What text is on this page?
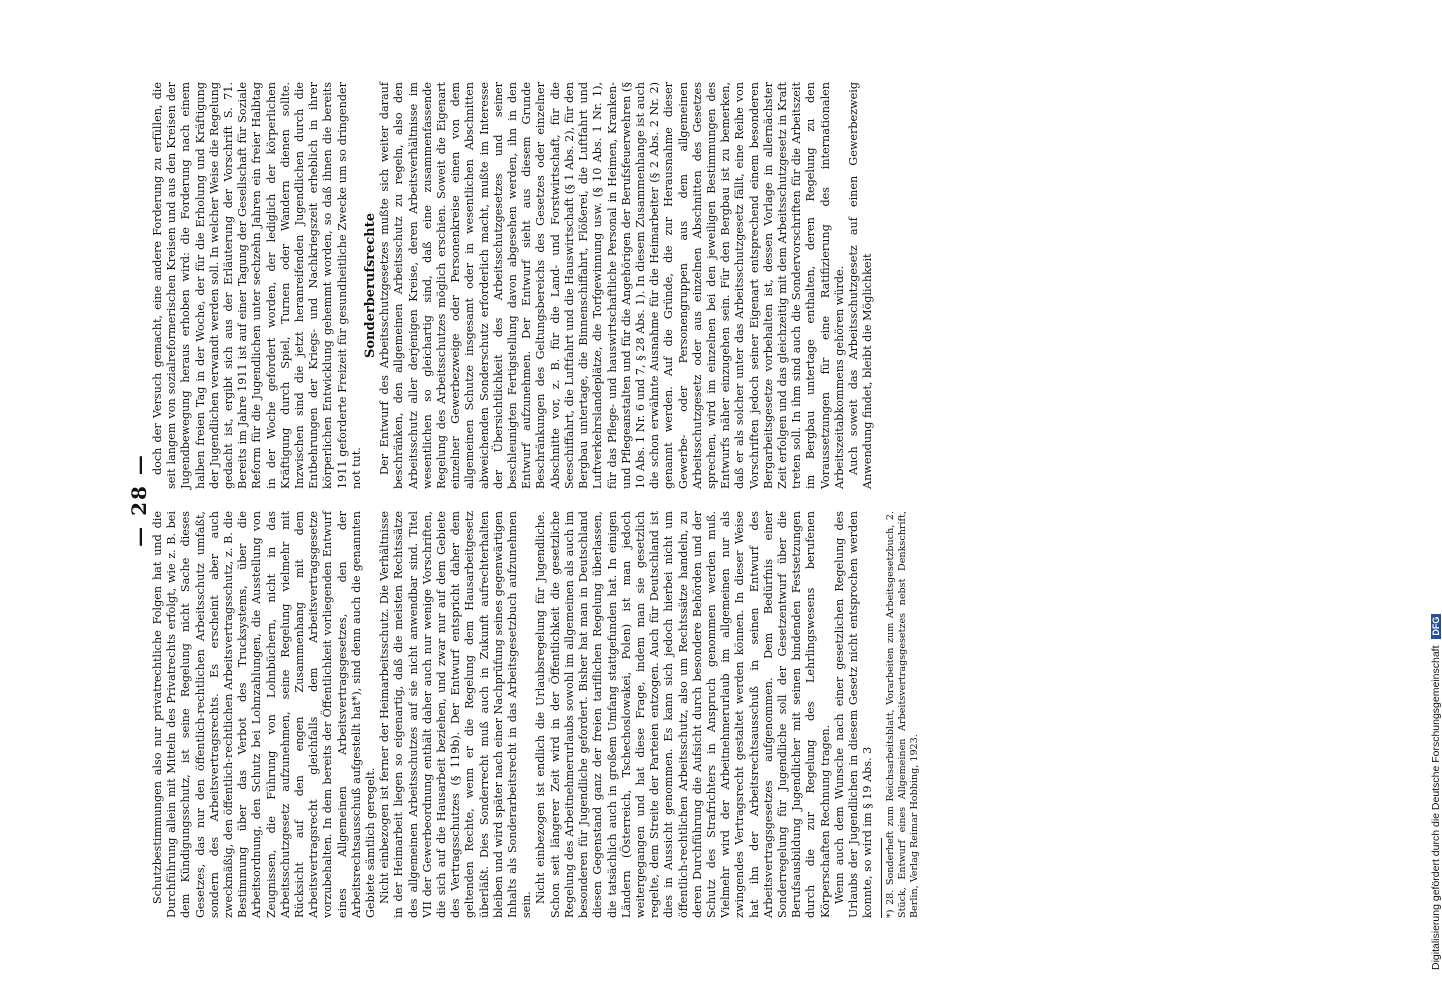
— 28 —

Schutzbestimmungen also nur privatrechtliche Folgen hat und die Durchführung allein mit Mitteln des Privatrechts erfolgt, wie z. B. bei dem Kündigungsschutz, ist seine Regelung nicht Sache dieses Gesetzes, das nur den öffentlich-rechtlichen Arbeitsschutz umfaßt, sondern des Arbeitsvertragsrechts. Es erscheint aber auch zweckmäßig, den öffentlich-rechtlichen Arbeitsvertragsschutz, z. B. die Bestimmung über das Verbot des Trucksystems, über die Arbeitsordnung, den Schutz bei Lohnzahlungen, die Ausstellung von Zeugnissen, die Führung von Lohnbüchern, nicht in das Arbeitsschutzgesetz aufzunehmen, seine Regelung vielmehr mit Rücksicht auf den engen Zusammenhang mit dem Arbeitsvertragsrecht gleichfalls dem Arbeitsvertragsgesetze vorzubehalten. In dem bereits der Öffentlichkeit vorliegenden Entwurf eines Allgemeinen Arbeitsvertragsgesetzes, den der Arbeitsrechtsausschuß aufgestellt hat*), sind denn auch die genannten Gebiete sämtlich geregelt. Nicht einbezogen ist ferner der Heimarbeitsschutz. Die Verhältnisse in der Heimarbeit liegen so eigenartig, daß die meisten Rechtssätze des allgemeinen Arbeitsschutzes auf sie nicht anwendbar sind. Titel VII der Gewerbeordnung enthält daher auch nur wenige Vorschriften, die sich auf die Hausarbeit beziehen, und zwar nur auf dem Gebiete des Vertragsschutzes (§ 119b). Der Entwurf entspricht daher dem geltenden Rechte, wenn er die Regelung dem Hausarbeitgesetz überläßt. Dies Sonderrecht muß auch in Zukunft aufrechterhalten bleiben und wird später nach einer Nachprüfung seines gegenwärtigen Inhalts als Sonderarbeitsrecht in das Arbeitsgesetzbuch aufzunehmen sein.

Nicht einbezogen ist endlich die Urlaubsregelung für Jugendliche. Schon seit längerer Zeit wird in der Öffentlichkeit die gesetzliche Regelung des Arbeitnehmerurlaubs sowohl im allgemeinen als auch im besonderen für Jugendliche gefordert. Bisher hat man in Deutschland diesen Gegenstand ganz der freien tariflichen Regelung überlassen, die tatsächlich auch in großem Umfang stattgefunden hat. In einigen Ländern (Österreich, Tschechoslowakei, Polen) ist man jedoch weitergegangen und hat diese Frage, indem man sie gesetzlich regelte, dem Streite der Parteien entzogen. Auch für Deutschland ist dies in Aussicht genommen. Es kann sich jedoch hierbei nicht um öffentlich-rechtlichen Arbeitsschutz, also um Rechtssätze handeln, zu deren Durchführung die Aufsicht durch besondere Behörden und der Schutz des Strafrichters in Anspruch genommen werden muß. Vielmehr wird der Arbeitnehmerurlaub im allgemeinen nur als zwingendes Vertragsrecht gestaltet werden können. In dieser Weise hat ihn der Arbeitsrechtsausschuß in seinen Entwurf des Arbeitsvertragsgesetzes aufgenommen. Dem Bedürfnis einer Sonderregelung für Jugendliche soll der Gesetzentwurf über die Berufsausbildung Jugendlicher mit seinen bindenden Festsetzungen durch die zur Regelung des Lehrlingswesens berufenen Körperschaften Rechnung tragen. Wenn auch dem Wunsche nach einer gesetzlichen Regelung des Urlaubs der Jugendlichen in diesem Gesetz nicht entsprochen werden konnte, so wird im § 19 Abs. 3 *) 28. Sonderheft zum Reichsarbeitsblatt, Vorarbeiten zum Arbeitsgesetzbuch, 2. Stück, Entwurf eines Allgemeinen Arbeitsvertragsgesetzes nebst Denkschrift, Berlin, Verlag Reimar Hobbing, 1923.

doch der Versuch gemacht, eine andere Forderung zu erfüllen, die seit langem von sozialreformerischen Kreisen und aus den Kreisen der Jugendbewegung heraus erhoben wird: die Forderung nach einem halben freien Tag in der Woche, der für die Erholung und Kräftigung der Jugendlichen verwandt werden soll. In welcher Weise die Regelung gedacht ist, ergibt sich aus der Erläuterung der Vorschrift S. 71. Bereits im Jahre 1911 ist auf einer Tagung der Gesellschaft für Soziale Reform für die Jugendlichen unter sechzehn Jahren ein freier Halbtag in der Woche gefordert worden, der lediglich der körperlichen Kräftigung durch Spiel, Turnen oder Wandern dienen sollte. Inzwischen sind die jetzt heranreifenden Jugendlichen durch die Entbehrungen der Kriegs- und Nachkriegszeit erheblich in ihrer körperlichen Entwicklung gehemmt worden, so daß ihnen die bereits 1911 geforderte Freizeit für gesundheitliche Zwecke um so dringender not tut.

Sonderberufsrechte Der Entwurf des Arbeitsschutzgesetzes mußte sich weiter darauf beschränken, den allgemeinen Arbeitsschutz zu regeln, also den Arbeitsschutz aller derjenigen Kreise, deren Arbeitsverhältnisse im wesentlichen so gleichartig sind, daß eine zusammenfassende Regelung des Arbeitsschutzes möglich erschien. Soweit die Eigenart einzelner Gewerbezweige oder Personenkreise einen von dem allgemeinen Schutze insgesamt oder in wesentlichen Abschnitten abweichenden Sonderschutz erforderlich macht, mußte im Interesse der Übersichtlichkeit des Arbeitsschutzgesetzes und seiner beschleunigten Fertigstellung davon abgesehen werden, ihn in den Entwurf aufzunehmen. Der Entwurf sieht aus diesem Grunde Beschränkungen des Geltungsbereichs des Gesetzes oder einzelner Abschnitte vor, z. B. für die Land- und Forstwirtschaft, für die Seeschiffahrt, die Luftfahrt und die Hauswirtschaft (§ 1 Abs. 2), für den Bergbau untertage, die Binnenschiffahrt, Flößerei, die Luftfahrt und Luftverkehrslandeplätze, die Torfgewinnung usw. (§ 10 Abs. 1 Nr. 1), für das Pflege- und hauswirtschaftliche Personal in Heimen, Kranken- und Pflegeanstalten und für die Angehörigen der Berufsfeuerwehren (§ 10 Abs. 1 Nr. 6 und 7, § 28 Abs. 1). In diesem Zusammenhange ist auch die schon erwähnte Ausnahme für die Heimarbeiter (§ 2 Abs. 2 Nr. 2) genannt werden. Auf die Gründe, die zur Herausnahme dieser Gewerbe- oder Personengruppen aus dem allgemeinen Arbeitsschutzgesetz oder aus einzelnen Abschnitten des Gesetzes sprechen, wird im einzelnen bei den jeweiligen Bestimmungen des Entwurfs näher einzugehen sein. Für den Bergbau ist zu bemerken, daß er als solcher unter das Arbeitsschutzgesetz fällt, eine Reihe von Vorschriften jedoch seiner Eigenart entsprechend einem besonderen Bergarbeitsgesetze vorbehalten ist, dessen Vorlage in allernächster Zeit erfolgen und das gleichzeitig mit dem Arbeitsschutzgesetz in Kraft treten soll. In ihm sind auch die Sondervorschriften für die Arbeitszeit im Bergbau untertage enthalten, deren Regelung zu den Voraussetzungen für eine Ratifizierung des internationalen Arbeitszeitabkommens gehören würde. Auch soweit das Arbeitsschutzgesetz auf einen Gewerbezweig Anwendung findet, bleibt die Möglichkeit

Digitalisierung gefördert durch die Deutsche Forschungsgemeinschaft DFG
